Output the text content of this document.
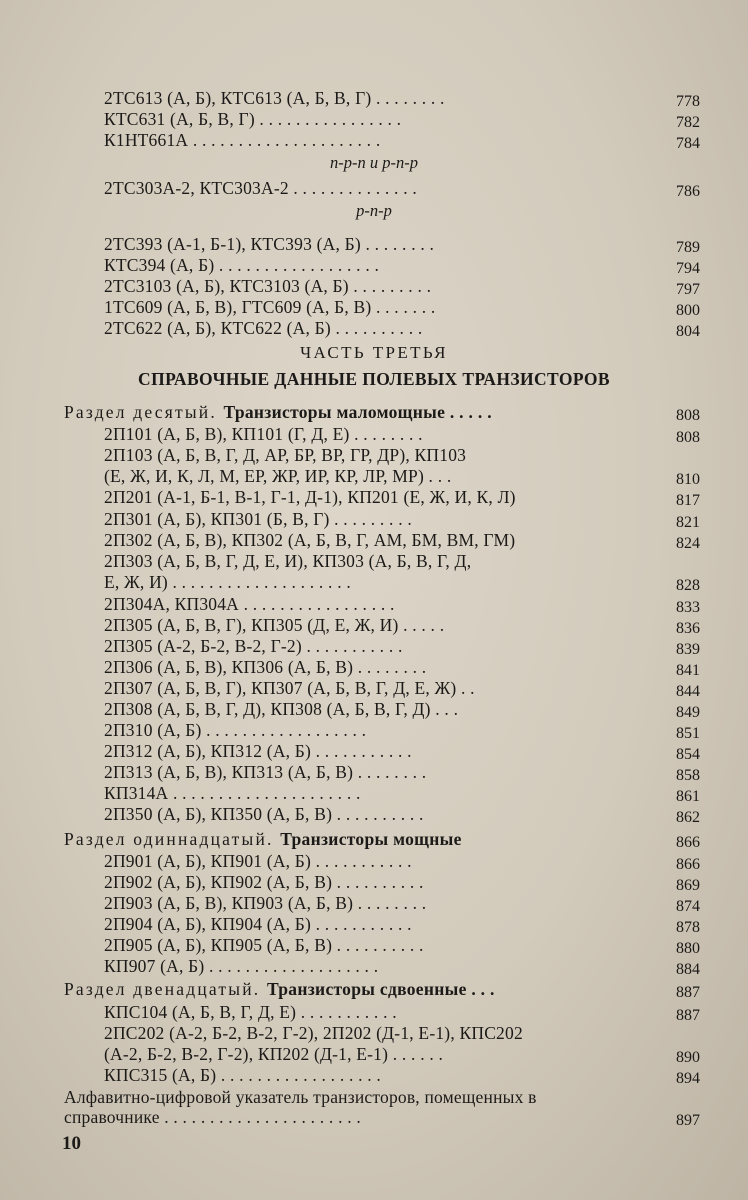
2ТС613 (А, Б), КТС613 (А, Б, В, Г) . . . . . . . .	778
КТС631 (А, Б, В, Г) . . . . . . . . . . . . . . . .	782
К1НТ661А . . . . . . . . . . . . . . . . . . . . .	784
n-p-n и p-n-p
2ТС303А-2, КТС303А-2 . . . . . . . . . . . . . .	786
p-n-p
2ТС393 (А-1, Б-1), КТС393 (А, Б) . . . . . . . .	789
КТС394 (А, Б) . . . . . . . . . . . . . . . . . .	794
2ТС3103 (А, Б), КТС3103 (А, Б) . . . . . . . . .	797
1ТС609 (А, Б, В), ГТС609 (А, Б, В) . . . . . . .	800
2ТС622 (А, Б), КТС622 (А, Б) . . . . . . . . . .	804
ЧАСТЬ ТРЕТЬЯ
СПРАВОЧНЫЕ ДАННЫЕ ПОЛЕВЫХ ТРАНЗИСТОРОВ
Раздел десятый. Транзисторы маломощные . . . . .	808
2П101 (А, Б, В), КП101 (Г, Д, Е) . . . . . . . .	808
2П103 (А, Б, В, Г, Д, АР, БР, ВР, ГР, ДР), КП103
(Е, Ж, И, К, Л, М, ЕР, ЖР, ИР, КР, ЛР, МР) . . .	810
2П201 (А-1, Б-1, В-1, Г-1, Д-1), КП201 (Е, Ж, И, К, Л)	817
2П301 (А, Б), КП301 (Б, В, Г) . . . . . . . . .	821
2П302 (А, Б, В), КП302 (А, Б, В, Г, АМ, БМ, ВМ, ГМ)	824
2П303 (А, Б, В, Г, Д, Е, И), КП303 (А, Б, В, Г, Д,
Е, Ж, И) . . . . . . . . . . . . . . . . . . . .	828
2П304А, КП304А . . . . . . . . . . . . . . . . .	833
2П305 (А, Б, В, Г), КП305 (Д, Е, Ж, И) . . . . .	836
2П305 (А-2, Б-2, В-2, Г-2) . . . . . . . . . . .	839
2П306 (А, Б, В), КП306 (А, Б, В) . . . . . . . .	841
2П307 (А, Б, В, Г), КП307 (А, Б, В, Г, Д, Е, Ж) . .	844
2П308 (А, Б, В, Г, Д), КП308 (А, Б, В, Г, Д) . . .	849
2П310 (А, Б) . . . . . . . . . . . . . . . . . .	851
2П312 (А, Б), КП312 (А, Б) . . . . . . . . . . .	854
2П313 (А, Б, В), КП313 (А, Б, В) . . . . . . . .	858
КП314А . . . . . . . . . . . . . . . . . . . . .	861
2П350 (А, Б), КП350 (А, Б, В) . . . . . . . . . .	862
Раздел одиннадцатый. Транзисторы мощные	866
2П901 (А, Б), КП901 (А, Б) . . . . . . . . . . .	866
2П902 (А, Б), КП902 (А, Б, В) . . . . . . . . . .	869
2П903 (А, Б, В), КП903 (А, Б, В) . . . . . . . .	874
2П904 (А, Б), КП904 (А, Б) . . . . . . . . . . .	878
2П905 (А, Б), КП905 (А, Б, В) . . . . . . . . . .	880
КП907 (А, Б) . . . . . . . . . . . . . . . . . . .	884
Раздел двенадцатый. Транзисторы сдвоенные . . .	887
КПС104 (А, Б, В, Г, Д, Е) . . . . . . . . . . .	887
2ПС202 (А-2, Б-2, В-2, Г-2), 2П202 (Д-1, Е-1), КПС202
(А-2, Б-2, В-2, Г-2), КП202 (Д-1, Е-1) . . . . . .	890
КПС315 (А, Б) . . . . . . . . . . . . . . . . . .	894
Алфавитно-цифровой указатель транзисторов, помещенных в
справочнике . . . . . . . . . . . . . . . . . . . . . .	897
10
